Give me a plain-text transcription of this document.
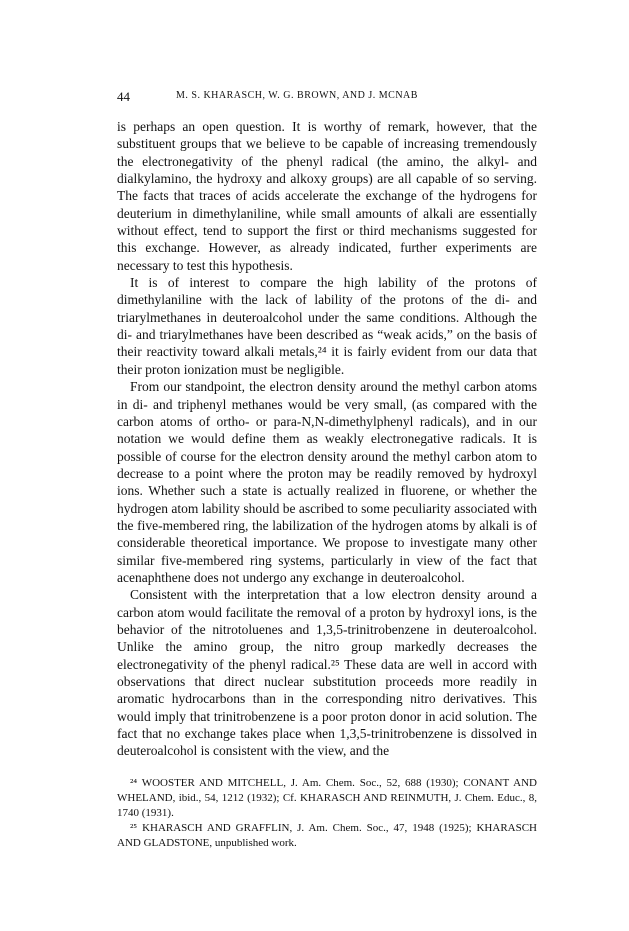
44	M. S. KHARASCH, W. G. BROWN, AND J. MCNAB

is perhaps an open question. It is worthy of remark, however, that the substituent groups that we believe to be capable of increasing tremendously the electronegativity of the phenyl radical (the amino, the alkyl- and dialkylamino, the hydroxy and alkoxy groups) are all capable of so serving. The facts that traces of acids accelerate the exchange of the hydrogens for deuterium in dimethylaniline, while small amounts of alkali are essentially without effect, tend to support the first or third mechanisms suggested for this exchange. However, as already indicated, further experiments are necessary to test this hypothesis.

It is of interest to compare the high lability of the protons of dimethylaniline with the lack of lability of the protons of the di- and triarylmethanes in deuteroalcohol under the same conditions. Although the di- and triarylmethanes have been described as “weak acids,” on the basis of their reactivity toward alkali metals,²⁴ it is fairly evident from our data that their proton ionization must be negligible.

From our standpoint, the electron density around the methyl carbon atoms in di- and triphenyl methanes would be very small, (as compared with the carbon atoms of ortho- or para-N,N-dimethylphenyl radicals), and in our notation we would define them as weakly electronegative radicals. It is possible of course for the electron density around the methyl carbon atom to decrease to a point where the proton may be readily removed by hydroxyl ions. Whether such a state is actually realized in fluorene, or whether the hydrogen atom lability should be ascribed to some peculiarity associated with the five-membered ring, the labilization of the hydrogen atoms by alkali is of considerable theoretical importance. We propose to investigate many other similar five-membered ring systems, particularly in view of the fact that acenaphthene does not undergo any exchange in deuteroalcohol.

Consistent with the interpretation that a low electron density around a carbon atom would facilitate the removal of a proton by hydroxyl ions, is the behavior of the nitrotoluenes and 1,3,5-trinitrobenzene in deuteroalcohol. Unlike the amino group, the nitro group markedly decreases the electronegativity of the phenyl radical.²⁵ These data are well in accord with observations that direct nuclear substitution proceeds more readily in aromatic hydrocarbons than in the corresponding nitro derivatives. This would imply that trinitrobenzene is a poor proton donor in acid solution. The fact that no exchange takes place when 1,3,5-trinitrobenzene is dissolved in deuteroalcohol is consistent with the view, and the

²⁴ WOOSTER AND MITCHELL, J. Am. Chem. Soc., 52, 688 (1930); CONANT AND WHELAND, ibid., 54, 1212 (1932); Cf. KHARASCH AND REINMUTH, J. Chem. Educ., 8, 1740 (1931).

²⁵ KHARASCH AND GRAFFLIN, J. Am. Chem. Soc., 47, 1948 (1925); KHARASCH AND GLADSTONE, unpublished work.
